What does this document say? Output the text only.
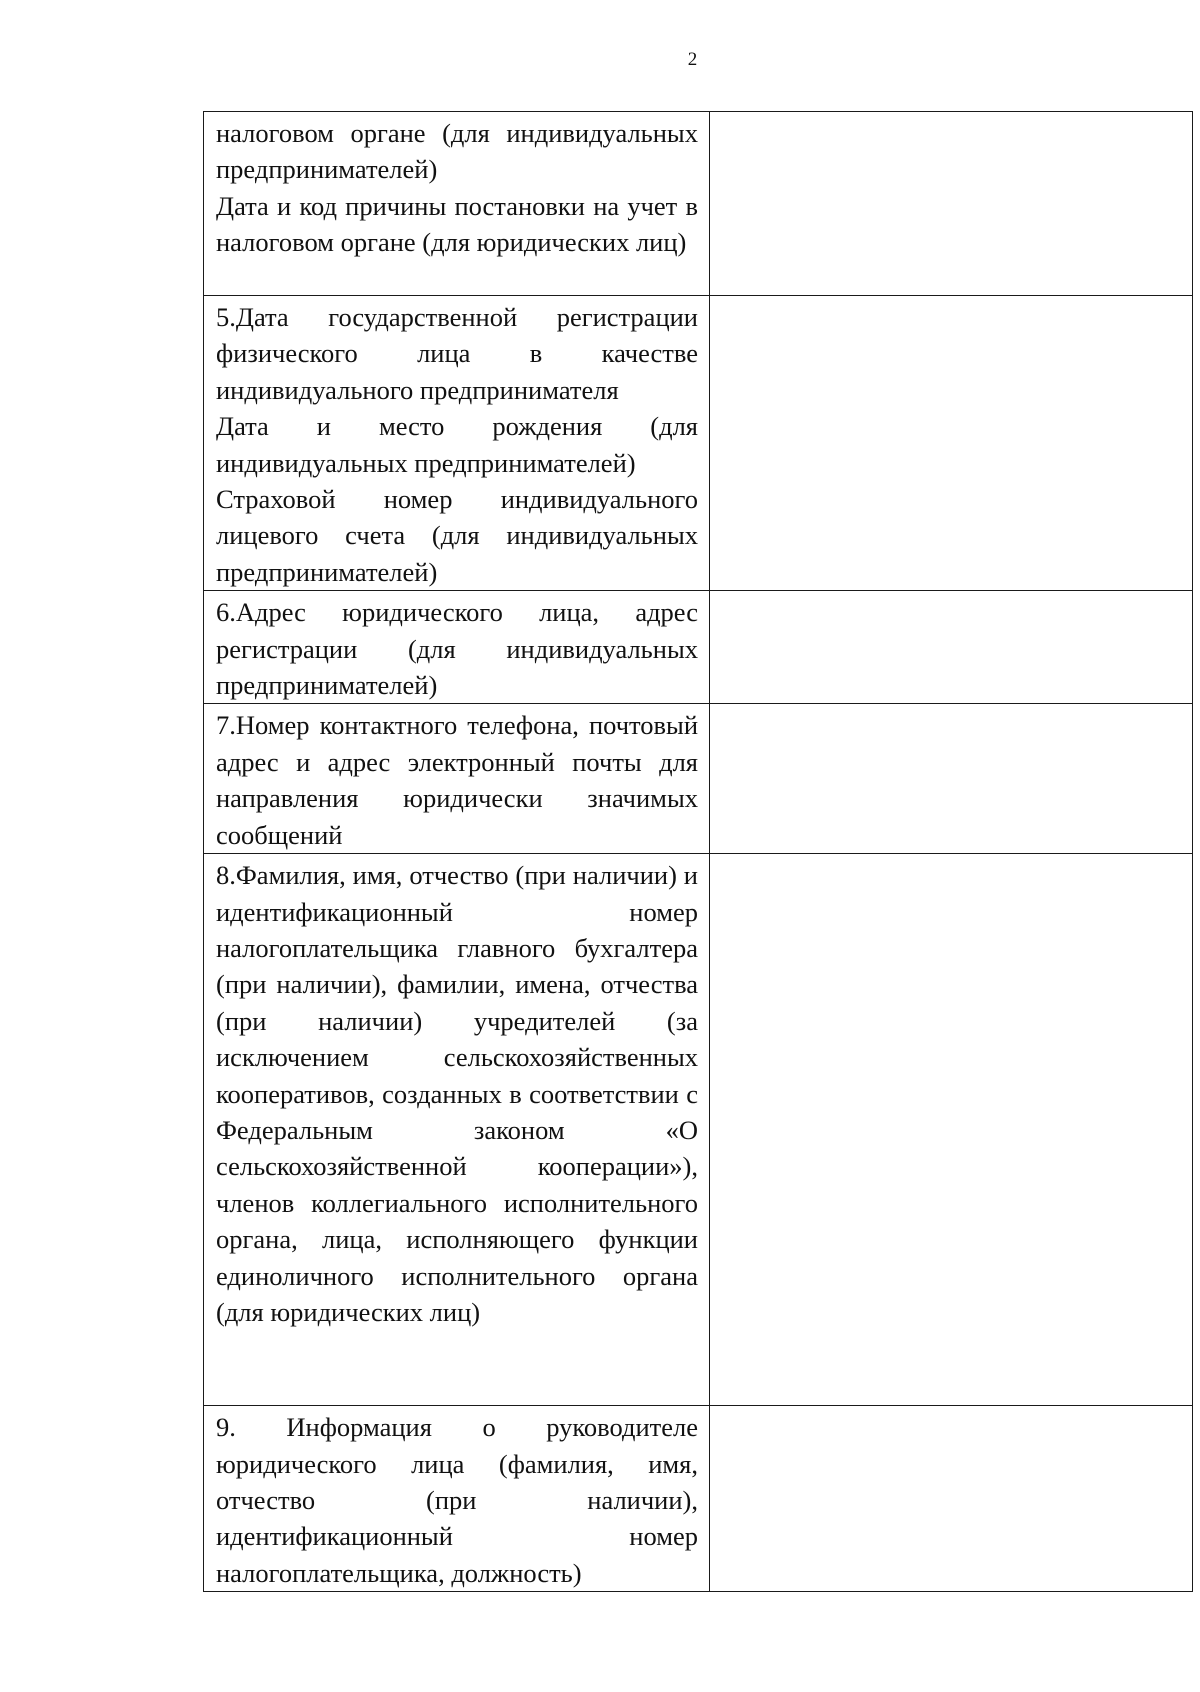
2

налоговом органе (для индивидуальных предпринимателей)

Дата и код причины постановки на учет в налоговом органе (для юридических лиц)	

5.Дата государственной регистрации физического лица в качестве индивидуального предпринимателя

Дата и место рождения (для индивидуальных предпринимателей)

Страховой номер индивидуального лицевого счета (для индивидуальных предпринимателей)	

6.Адрес юридического лица, адрес регистрации (для индивидуальных предпринимателей)	

7.Номер контактного телефона, почтовый адрес и адрес электронный почты для направления юридически значимых сообщений	

8.Фамилия, имя, отчество (при наличии) и идентификационный номер налогоплательщика главного бухгалтера (при наличии), фамилии, имена, отчества (при наличии) учредителей (за исключением сельскохозяйственных кооперативов, созданных в соответствии с Федеральным законом «О сельскохозяйственной кооперации»), членов коллегиального исполнительного органа, лица, исполняющего функции единоличного исполнительного органа (для юридических лиц)	

9. Информация о руководителе юридического лица (фамилия, имя, отчество (при наличии), идентификационный номер налогоплательщика, должность)	
